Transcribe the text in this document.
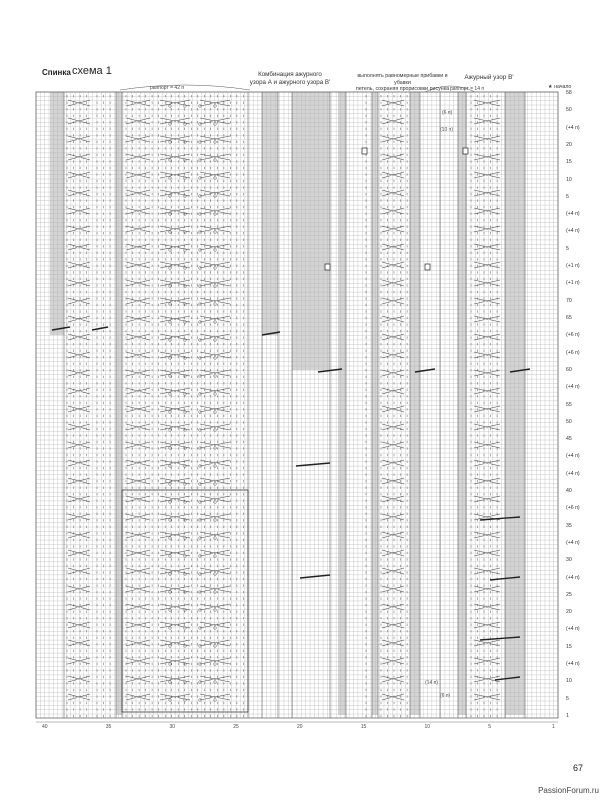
Спинка схема 1	Комбинация ажурного
узора А и ажурного узора В'
выполнять равномерные прибавки и убавки
петель, сохраняя прорисовки рисунка
Ажурный узор В'
★ начало
раппорт = 42 п	раппорт = 14 п
(6 п)
(10 п)
(14 п)
(6 п)
58
50
(+4 п)
20
15
10
5
(+4 п)
(+4 п)
5
(+1 п)
(+1 п)
70
65
(+6 п)
(+6 п)
60
(+4 п)
55
50
45
(+4 п)
(+4 п)
40
(+6 п)
35
(+4 п)
30
(+4 п)
25
20
(+4 п)
15
(+4 п)
10
5
1
40	35	30	25	20	15	10	5	1
67
PassionForum.ru
